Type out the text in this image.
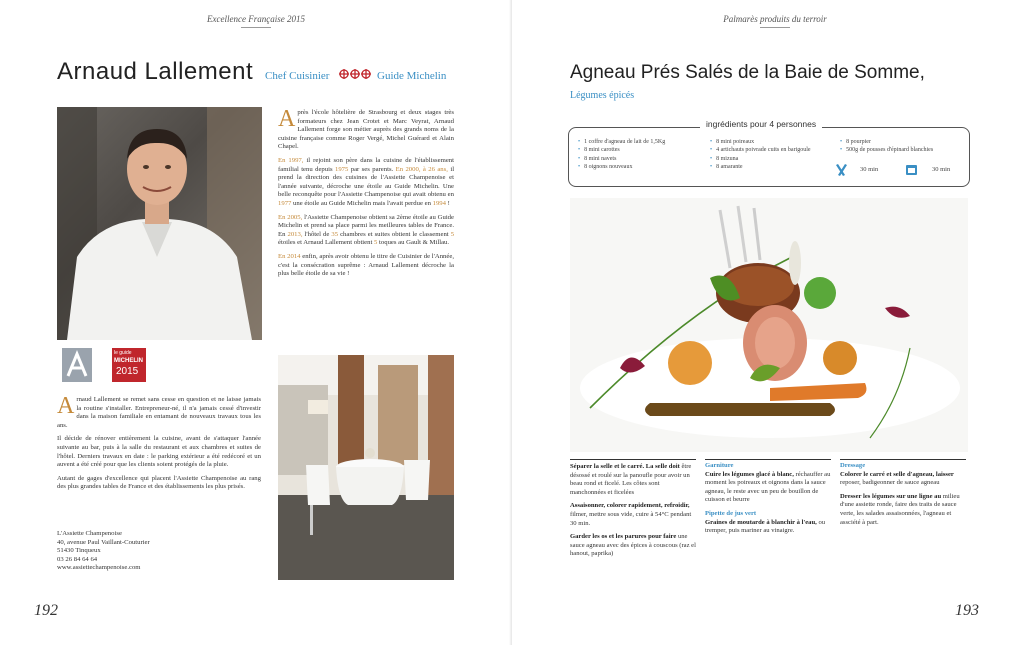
Excellence Française 2015
Arnaud Lallement Chef Cuisinier	Guide Michelin

Après l'école hôtelière de Strasbourg et deux stages très formateurs chez Jean Crotet et Marc Veyrat, Arnaud Lallement forge son métier auprès des grands noms de la cuisine française comme Roger Vergé, Michel Guérard et Alain Chapel.

En 1997, il rejoint son père dans la cuisine de l'établissement familial tenu depuis 1975 par ses parents. En 2000, à 26 ans, il prend la direction des cuisines de l'Assiette Champenoise et l'année suivante, décroche une étoile au Guide Michelin. Une belle reconquête pour l'Assiette Champenoise qui avait obtenu en 1977 une étoile au Guide Michelin mais l'avait perdue en 1994 !

En 2005, l'Assiette Champenoise obtient sa 2ème étoile au Guide Michelin et prend sa place parmi les meilleures tables de France. En 2013, l'hôtel de 35 chambres et suites obtient le classement 5 étoiles et Arnaud Lallement obtient 5 toques au Gault & Millau.

En 2014 enfin, après avoir obtenu le titre de Cuisinier de l'Année, c'est la consécration suprême : Arnaud Lallement décroche la plus belle étoile de sa vie !

le guide
MICHELIN
2015

Arnaud Lallement se remet sans cesse en question et ne laisse jamais la routine s'installer. Entrepreneur-né, il n'a jamais cessé d'investir dans la maison familiale en entamant de nouveaux travaux tous les ans.

Il décide de rénover entièrement la cuisine, avant de s'attaquer l'année suivante au bar, puis à la salle du restaurant et aux chambres et suites de l'hôtel. Derniers travaux en date : le parking extérieur a été redécoré et un auvent a été créé pour que les clients soient protégés de la pluie.

Autant de gages d'excellence qui placent l'Assiette Champenoise au rang des plus grandes tables de France et des établissements les plus prisés.

L'Assiette Champenoise
40, avenue Paul Vaillant-Couturier
51430 Tinqueux
03 26 84 64 64
www.assiettechampenoise.com
192
Palmarès produits du terroir
193
Agneau Prés Salés de la Baie de Somme,
Légumes épicés
ingrédients pour 4 personnes
• 1 coffre d'agneau de lait de 1,5Kg
• 8 mini carottes
• 8 mini navets
• 8 oignons nouveaux
• 8 mini poireaux
• 4 artichauts poivrade cuits en barigoule
• 8 mizuna
• 8 amarante
• 8 pourpier
• 500g de pousses d'épinard blanchies
30 min	30 min

Séparer la selle et le carré. La selle doit être désossé et roulé sur la panoufle pour avoir un beau rond et ficelé. Les côtes sont manchonnées et ficelées

Assaisonner, colorer rapidement, refroidir, filmer, mettre sous vide, cuire à 54°C pendant 30 min.

Garder les os et les parures pour faire une sauce agneau avec des épices à couscous (raz el hanout, paprika)

Garniture

Cuire les légumes glacé à blanc, réchauffer au moment les poireaux et oignons dans la sauce agneau, le reste avec un peu de bouillon de cuisson et beurre

Pipette de jus vert

Graines de moutarde à blanchir à l'eau, ou tremper, puis mariner au vinaigre.

Dressage

Colorer le carré et selle d'agneau, laisser reposer, badigeonner de sauce agneau

Dresser les légumes sur une ligne au milieu d'une assiette ronde, faire des traits de sauce verte, les salades assaisonnées, l'agneau et assciété à part.
